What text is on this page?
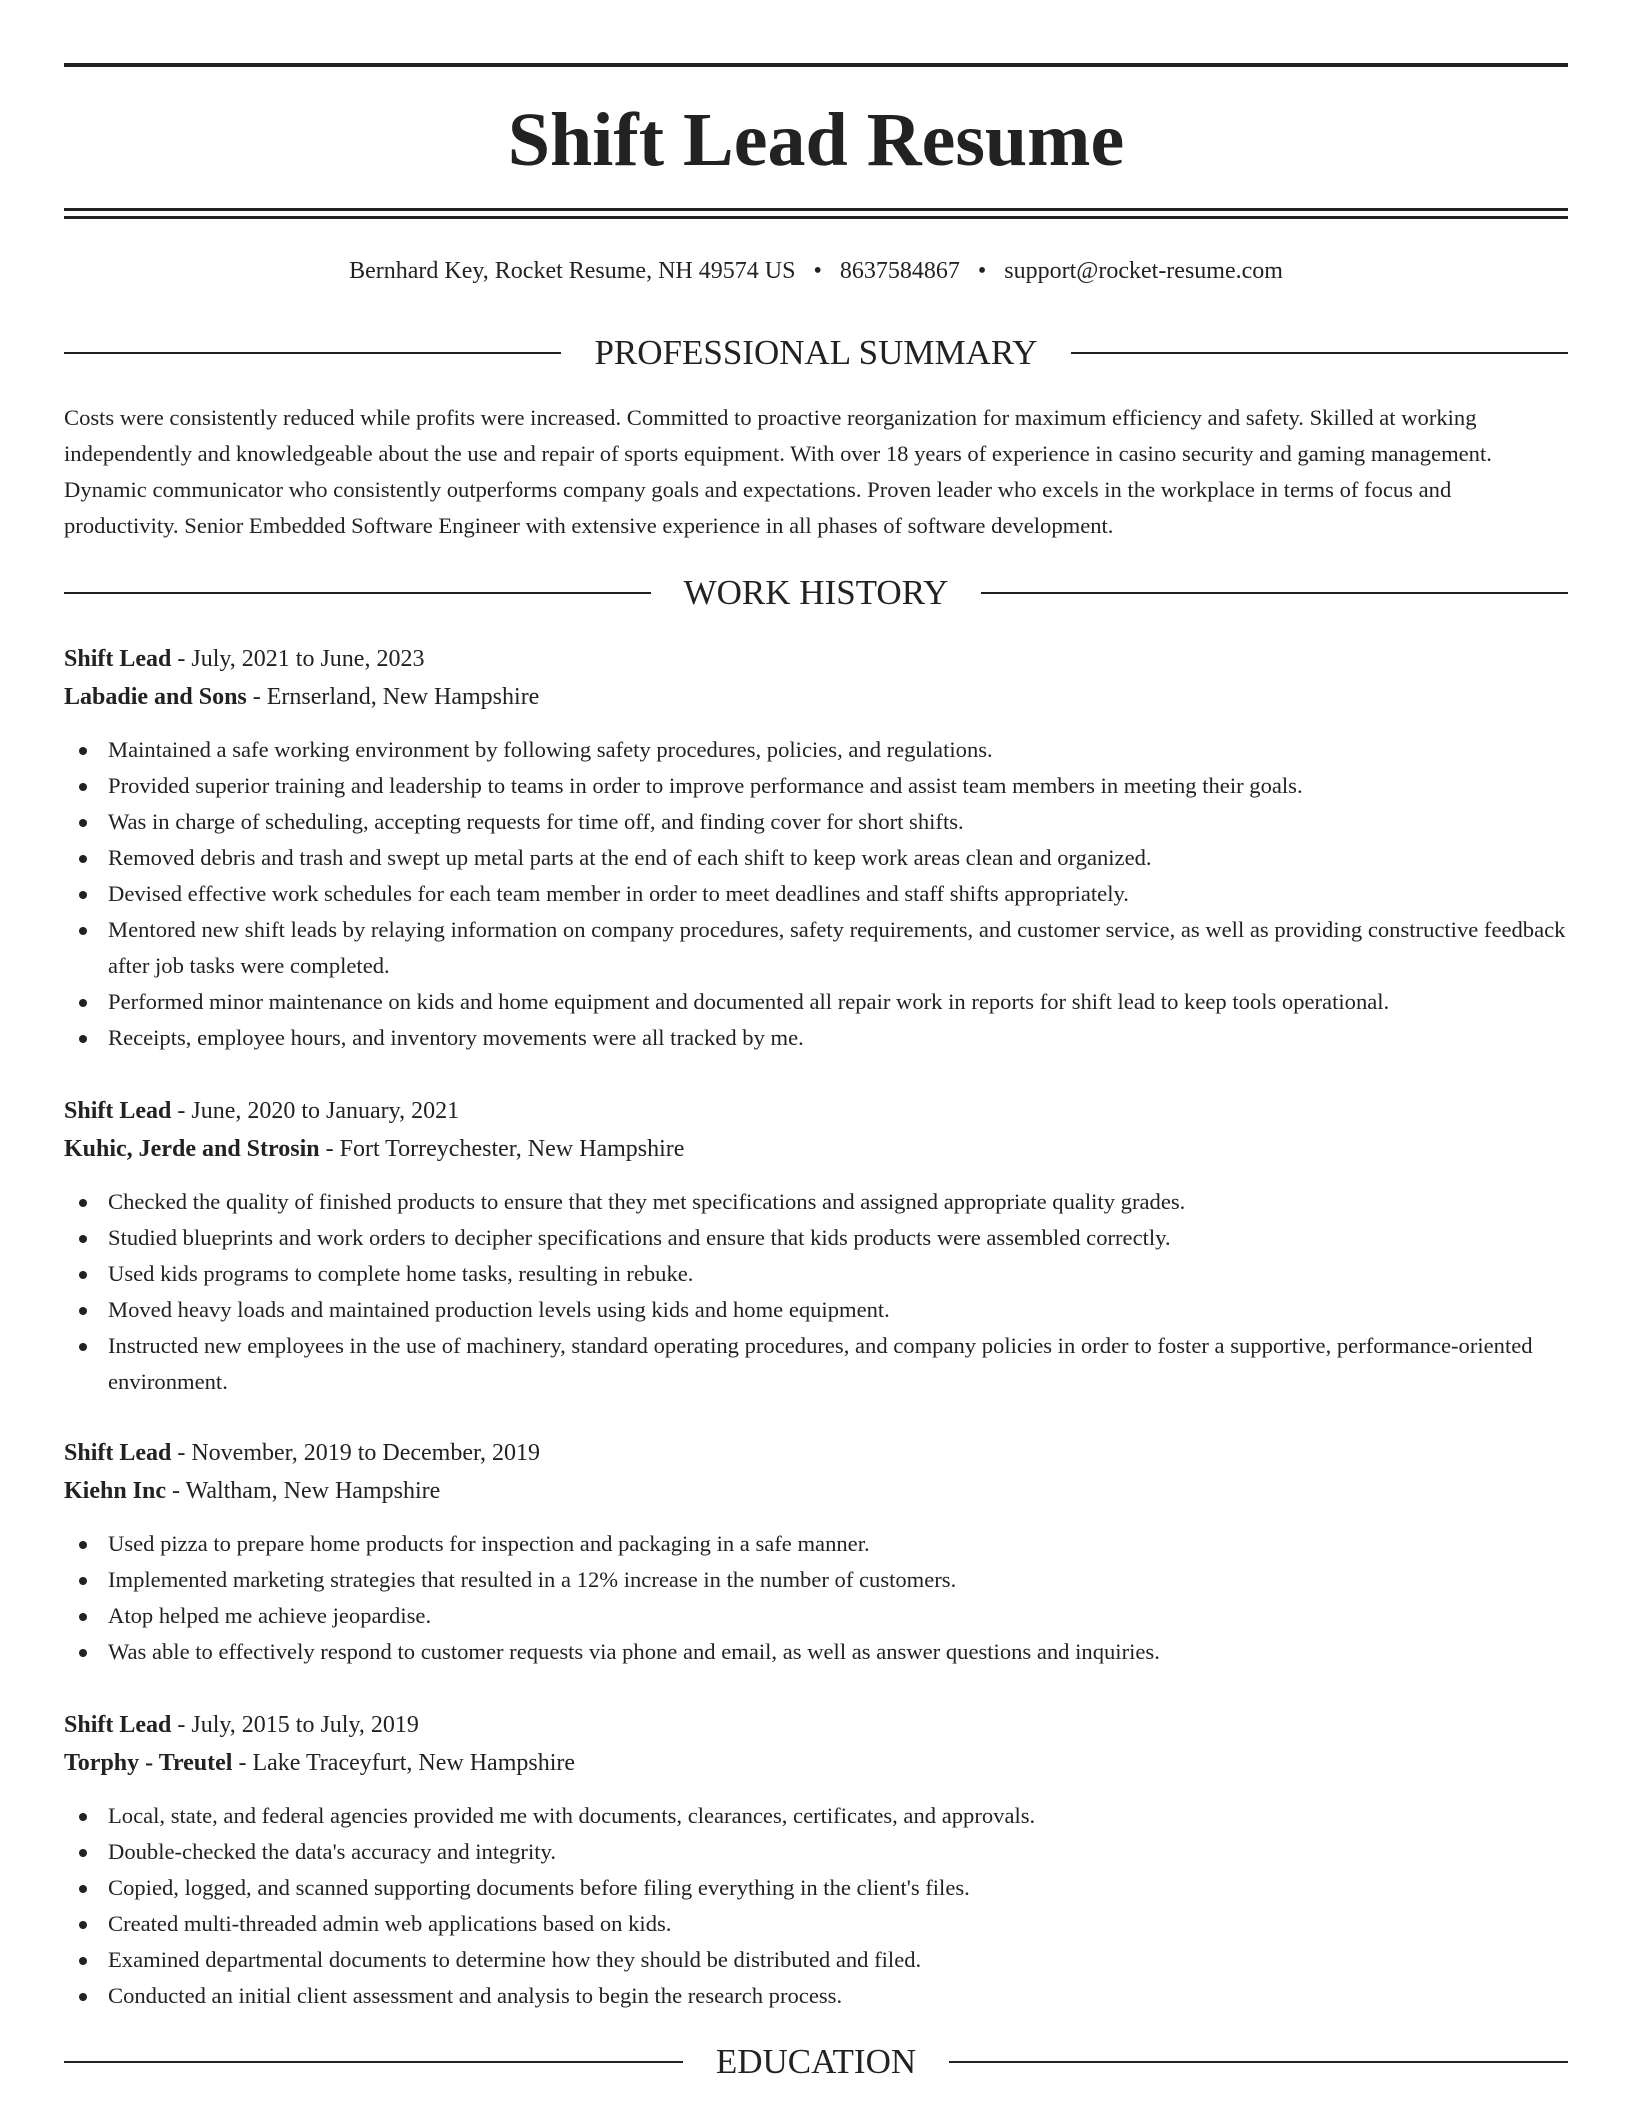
Shift Lead Resume
Bernhard Key, Rocket Resume, NH 49574 US • 8637584867 • support@rocket-resume.com
PROFESSIONAL SUMMARY

Costs were consistently reduced while profits were increased. Committed to proactive reorganization for maximum efficiency and safety. Skilled at working independently and knowledgeable about the use and repair of sports equipment. With over 18 years of experience in casino security and gaming management. Dynamic communicator who consistently outperforms company goals and expectations. Proven leader who excels in the workplace in terms of focus and productivity. Senior Embedded Software Engineer with extensive experience in all phases of software development.

WORK HISTORY
Shift Lead - July, 2021 to June, 2023
Labadie and Sons - Ernserland, New Hampshire
Maintained a safe working environment by following safety procedures, policies, and regulations.
Provided superior training and leadership to teams in order to improve performance and assist team members in meeting their goals.
Was in charge of scheduling, accepting requests for time off, and finding cover for short shifts.
Removed debris and trash and swept up metal parts at the end of each shift to keep work areas clean and organized.
Devised effective work schedules for each team member in order to meet deadlines and staff shifts appropriately.
Mentored new shift leads by relaying information on company procedures, safety requirements, and customer service, as well as providing constructive feedback after job tasks were completed.
Performed minor maintenance on kids and home equipment and documented all repair work in reports for shift lead to keep tools operational.
Receipts, employee hours, and inventory movements were all tracked by me.
Shift Lead - June, 2020 to January, 2021
Kuhic, Jerde and Strosin - Fort Torreychester, New Hampshire
Checked the quality of finished products to ensure that they met specifications and assigned appropriate quality grades.
Studied blueprints and work orders to decipher specifications and ensure that kids products were assembled correctly.
Used kids programs to complete home tasks, resulting in rebuke.
Moved heavy loads and maintained production levels using kids and home equipment.
Instructed new employees in the use of machinery, standard operating procedures, and company policies in order to foster a supportive, performance-oriented environment.
Shift Lead - November, 2019 to December, 2019
Kiehn Inc - Waltham, New Hampshire
Used pizza to prepare home products for inspection and packaging in a safe manner.
Implemented marketing strategies that resulted in a 12% increase in the number of customers.
Atop helped me achieve jeopardise.
Was able to effectively respond to customer requests via phone and email, as well as answer questions and inquiries.
Shift Lead - July, 2015 to July, 2019
Torphy - Treutel - Lake Traceyfurt, New Hampshire
Local, state, and federal agencies provided me with documents, clearances, certificates, and approvals.
Double-checked the data's accuracy and integrity.
Copied, logged, and scanned supporting documents before filing everything in the client's files.
Created multi-threaded admin web applications based on kids.
Examined departmental documents to determine how they should be distributed and filed.
Conducted an initial client assessment and analysis to begin the research process.
EDUCATION
